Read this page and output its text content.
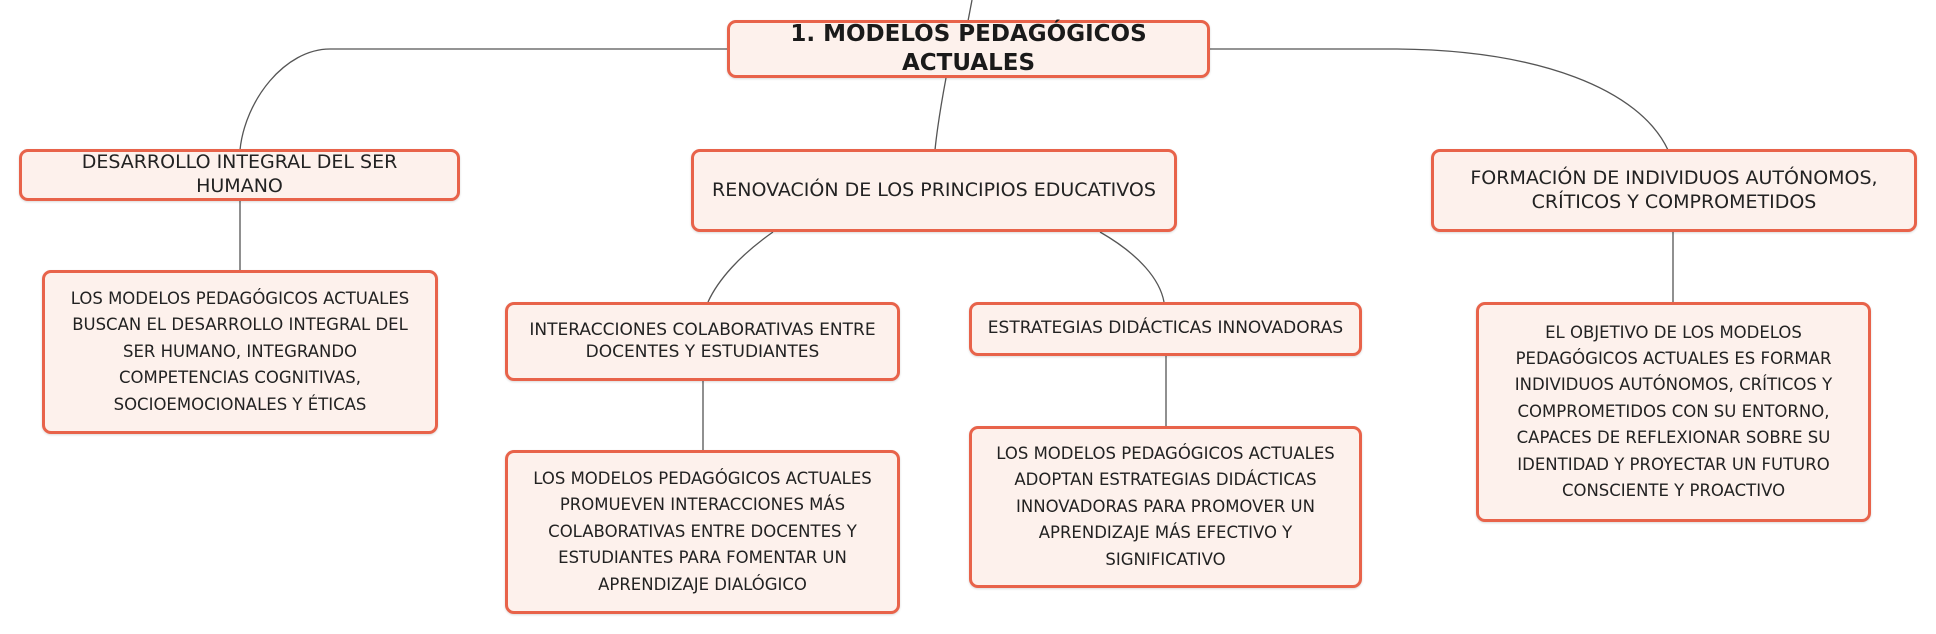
1. MODELOS PEDAGÓGICOS ACTUALES
DESARROLLO INTEGRAL DEL SER HUMANO	RENOVACIÓN DE LOS PRINCIPIOS EDUCATIVOS
FORMACIÓN DE INDIVIDUOS AUTÓNOMOS, CRÍTICOS Y COMPROMETIDOS
LOS MODELOS PEDAGÓGICOS ACTUALES BUSCAN EL DESARROLLO INTEGRAL DEL SER HUMANO, INTEGRANDO COMPETENCIAS COGNITIVAS, SOCIOEMOCIONALES Y ÉTICAS
INTERACCIONES COLABORATIVAS ENTRE DOCENTES Y ESTUDIANTES
ESTRATEGIAS DIDÁCTICAS INNOVADORAS
LOS MODELOS PEDAGÓGICOS ACTUALES PROMUEVEN INTERACCIONES MÁS COLABORATIVAS ENTRE DOCENTES Y ESTUDIANTES PARA FOMENTAR UN APRENDIZAJE DIALÓGICO
LOS MODELOS PEDAGÓGICOS ACTUALES ADOPTAN ESTRATEGIAS DIDÁCTICAS INNOVADORAS PARA PROMOVER UN APRENDIZAJE MÁS EFECTIVO Y SIGNIFICATIVO
EL OBJETIVO DE LOS MODELOS PEDAGÓGICOS ACTUALES ES FORMAR INDIVIDUOS AUTÓNOMOS, CRÍTICOS Y COMPROMETIDOS CON SU ENTORNO, CAPACES DE REFLEXIONAR SOBRE SU IDENTIDAD Y PROYECTAR UN FUTURO CONSCIENTE Y PROACTIVO
